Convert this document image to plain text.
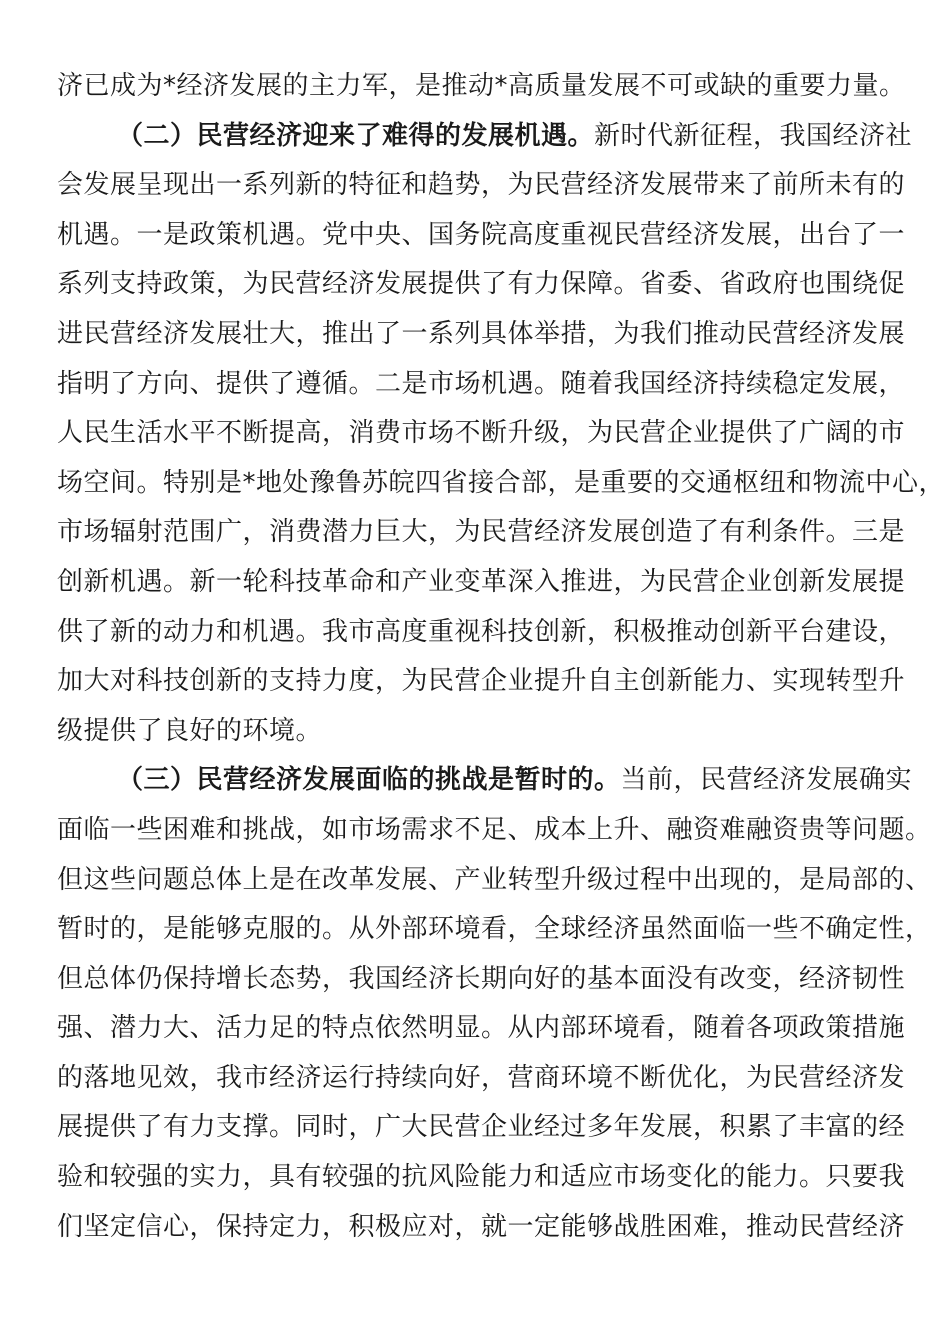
济已成为*经济发展的主力军，是推动*高质量发展不可或缺的重要力量。
（二）民营经济迎来了难得的发展机遇。新时代新征程，我国经济社
会发展呈现出一系列新的特征和趋势，为民营经济发展带来了前所未有的
机遇。一是政策机遇。党中央、国务院高度重视民营经济发展，出台了一
系列支持政策，为民营经济发展提供了有力保障。省委、省政府也围绕促
进民营经济发展壮大，推出了一系列具体举措，为我们推动民营经济发展
指明了方向、提供了遵循。二是市场机遇。随着我国经济持续稳定发展，
人民生活水平不断提高，消费市场不断升级，为民营企业提供了广阔的市
场空间。特别是*地处豫鲁苏皖四省接合部，是重要的交通枢纽和物流中心，
市场辐射范围广，消费潜力巨大，为民营经济发展创造了有利条件。三是
创新机遇。新一轮科技革命和产业变革深入推进，为民营企业创新发展提
供了新的动力和机遇。我市高度重视科技创新，积极推动创新平台建设，
加大对科技创新的支持力度，为民营企业提升自主创新能力、实现转型升
级提供了良好的环境。
（三）民营经济发展面临的挑战是暂时的。当前，民营经济发展确实
面临一些困难和挑战，如市场需求不足、成本上升、融资难融资贵等问题。
但这些问题总体上是在改革发展、产业转型升级过程中出现的，是局部的、
暂时的，是能够克服的。从外部环境看，全球经济虽然面临一些不确定性，
但总体仍保持增长态势，我国经济长期向好的基本面没有改变，经济韧性
强、潜力大、活力足的特点依然明显。从内部环境看，随着各项政策措施
的落地见效，我市经济运行持续向好，营商环境不断优化，为民营经济发
展提供了有力支撑。同时，广大民营企业经过多年发展，积累了丰富的经
验和较强的实力，具有较强的抗风险能力和适应市场变化的能力。只要我
们坚定信心，保持定力，积极应对，就一定能够战胜困难，推动民营经济
